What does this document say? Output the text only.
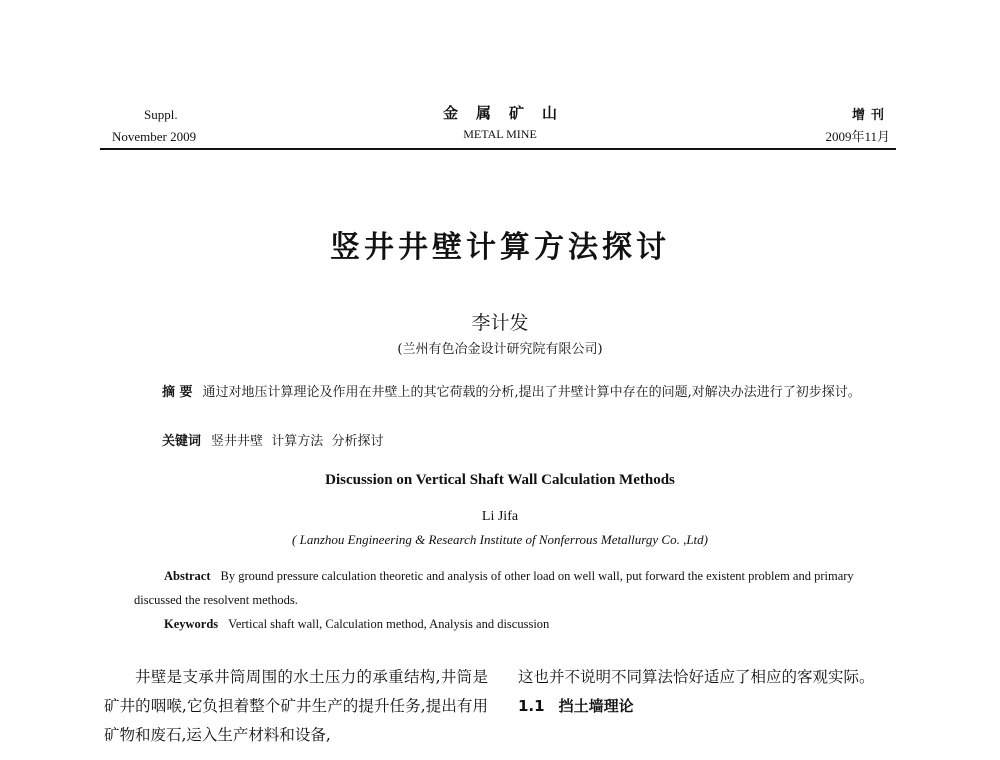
Suppl.
November 2009
金属矿山
METAL MINE
增刊
2009年11月
竖井井壁计算方法探讨
李计发
(兰州有色冶金设计研究院有限公司)
摘 要 通过对地压计算理论及作用在井壁上的其它荷载的分析,提出了井壁计算中存在的问题,对解决办法进行了初步探讨。
关键词 竖井井壁  计算方法  分析探讨
Discussion on Vertical Shaft Wall Calculation Methods
Li Jifa
( Lanzhou Engineering & Research Institute of Nonferrous Metallurgy Co. ,Ltd)
Abstract By ground pressure calculation theoretic and analysis of other load on well wall, put forward the existent problem and primary discussed the resolvent methods.
Keywords Vertical shaft wall, Calculation method, Analysis and discussion

井壁是支承井筒周围的水土压力的承重结构,井筒是矿井的咽喉,它负担着整个矿井生产的提升任务,提出有用矿物和废石,运入生产材料和设备,

这也并不说明不同算法恰好适应了相应的客观实际。

1.1 挡土墙理论
